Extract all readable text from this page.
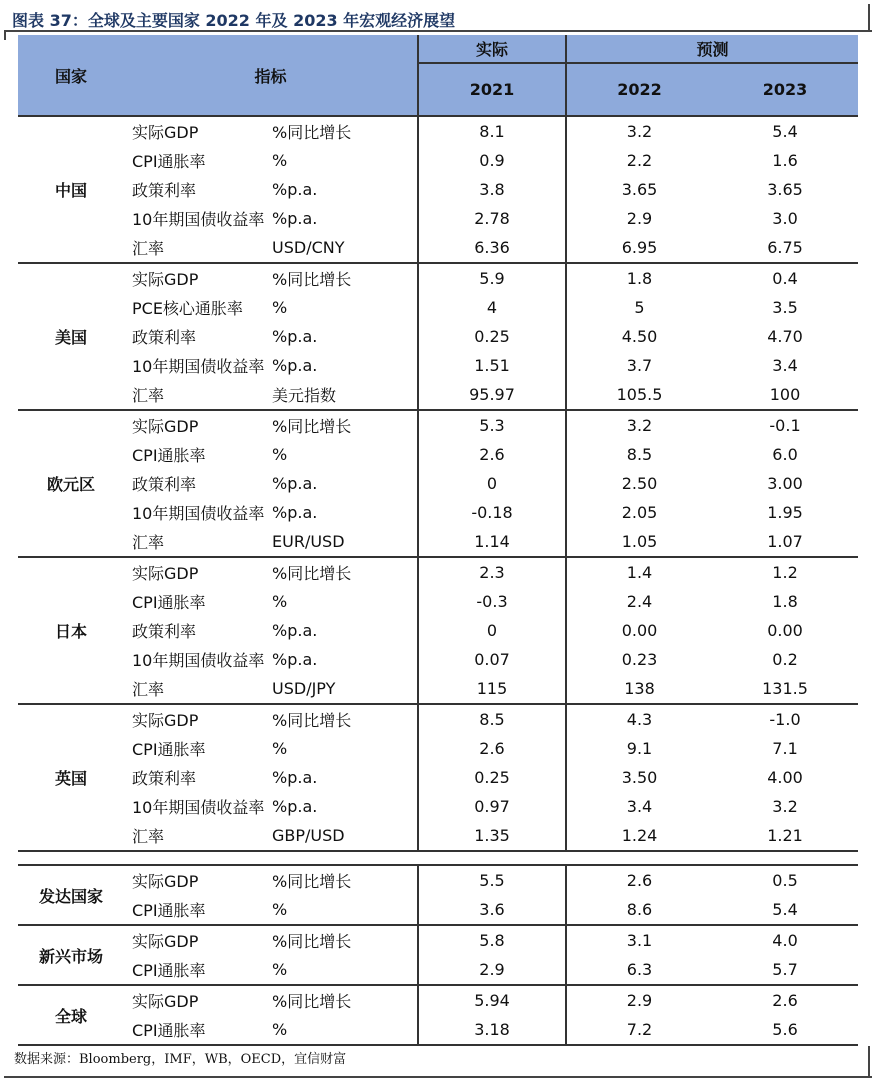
图表 37：全球及主要国家 2022 年及 2023 年宏观经济展望
国家	指标		实际	预测	
			2021	2022	2023
中国	实际GDP	%同比增长	8.1	3.2	5.4
	CPI通胀率	%	0.9	2.2	1.6
	政策利率	%p.a.	3.8	3.65	3.65
	10年期国债收益率	%p.a.	2.78	2.9	3.0
	汇率	USD/CNY	6.36	6.95	6.75
美国	实际GDP	%同比增长	5.9	1.8	0.4
	PCE核心通胀率	%	4	5	3.5
	政策利率	%p.a.	0.25	4.50	4.70
	10年期国债收益率	%p.a.	1.51	3.7	3.4
	汇率	美元指数	95.97	105.5	100
欧元区	实际GDP	%同比增长	5.3	3.2	-0.1
	CPI通胀率	%	2.6	8.5	6.0
	政策利率	%p.a.	0	2.50	3.00
	10年期国债收益率	%p.a.	-0.18	2.05	1.95
	汇率	EUR/USD	1.14	1.05	1.07
日本	实际GDP	%同比增长	2.3	1.4	1.2
	CPI通胀率	%	-0.3	2.4	1.8
	政策利率	%p.a.	0	0.00	0.00
	10年期国债收益率	%p.a.	0.07	0.23	0.2
	汇率	USD/JPY	115	138	131.5
英国	实际GDP	%同比增长	8.5	4.3	-1.0
	CPI通胀率	%	2.6	9.1	7.1
	政策利率	%p.a.	0.25	3.50	4.00
	10年期国债收益率	%p.a.	0.97	3.4	3.2
	汇率	GBP/USD	1.35	1.24	1.21

发达国家	实际GDP	%同比增长	5.5	2.6	0.5
	CPI通胀率	%	3.6	8.6	5.4
新兴市场	实际GDP	%同比增长	5.8	3.1	4.0
	CPI通胀率	%	2.9	6.3	5.7
全球	实际GDP	%同比增长	5.94	2.9	2.6
	CPI通胀率	%	3.18	7.2	5.6
数据来源：Bloomberg，IMF，WB，OECD，宜信财富
